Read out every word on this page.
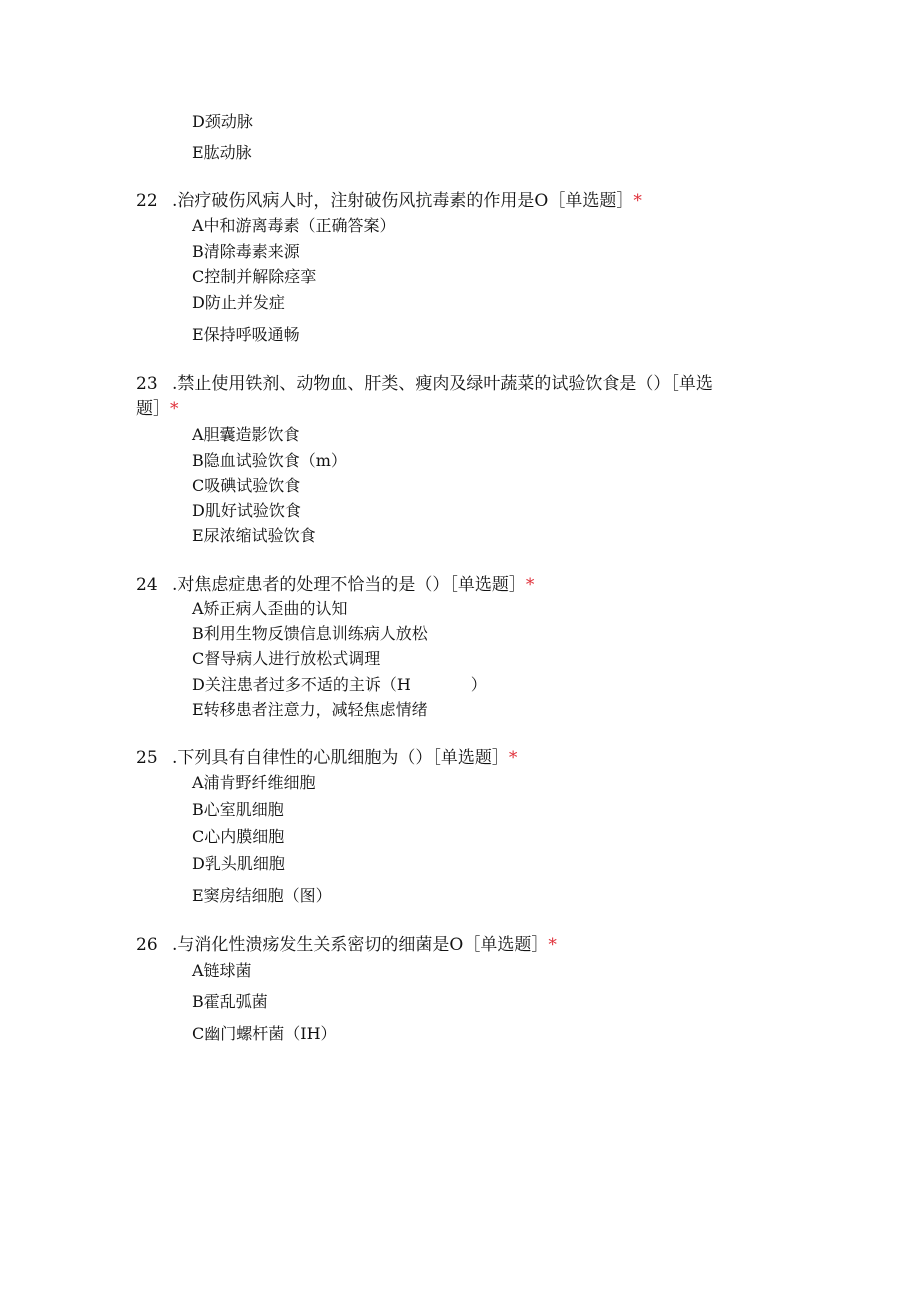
D颈动脉
E肱动脉
22 .治疗破伤风病人时，注射破伤风抗毒素的作用是O［单选题］*
A中和游离毒素（正确答案）
B清除毒素来源
C控制并解除痉挛
D防止并发症
E保持呼吸通畅
23 .禁止使用铁剂、动物血、肝类、瘦肉及绿叶蔬菜的试验饮食是（）［单选
题］*
A胆囊造影饮食
B隐血试验饮食（m）
C吸碘试验饮食
D肌好试验饮食
E尿浓缩试验饮食
24 .对焦虑症患者的处理不恰当的是（）［单选题］*
A矫正病人歪曲的认知
B利用生物反馈信息训练病人放松
C督导病人进行放松式调理
D关注患者过多不适的主诉（H	）
E转移患者注意力，减轻焦虑情绪
25 .下列具有自律性的心肌细胞为（）［单选题］*
A浦肯野纤维细胞
B心室肌细胞
C心内膜细胞
D乳头肌细胞
E窦房结细胞（图）
26 .与消化性溃疡发生关系密切的细菌是O［单选题］*
A链球菌
B霍乱弧菌
C幽门螺杆菌（IH）
